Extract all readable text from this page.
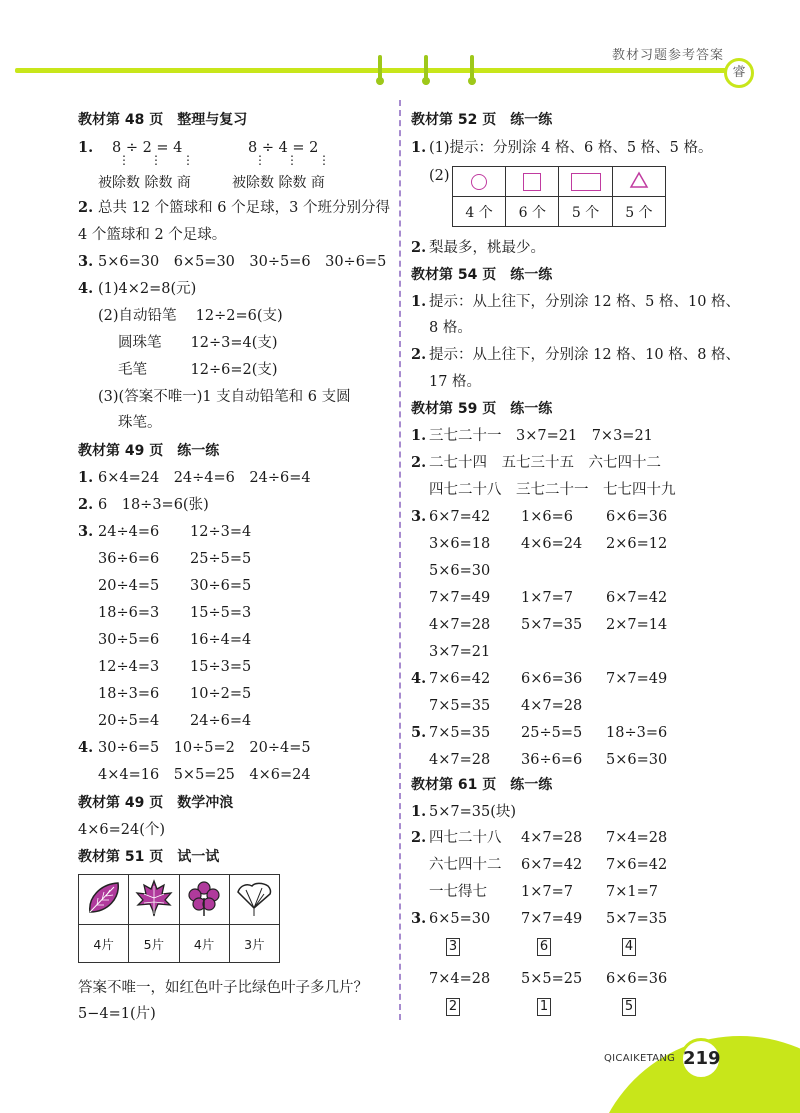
教材习题参考答案
睿
教材第 48 页　整理与复习
1. 8 ÷ 2 = 4	8 ÷ 4 = 2
⋮ ⋮ ⋮	⋮ ⋮ ⋮
被除数 除数 商	被除数 除数 商
2. 总共 12 个篮球和 6 个足球，3 个班分别分得
4 个篮球和 2 个足球。
3. 5×6=30　6×5=30　30÷5=6　30÷6=5
4. (1)4×2=8(元)
(2)自动铅笔　 12÷2=6(支)
圆珠笔　　12÷3=4(支)
毛笔　　　12÷6=2(支)
(3)(答案不唯一)1 支自动铅笔和 6 支圆
珠笔。
教材第 49 页　练一练
1. 6×4=24　24÷4=6　24÷6=4
2. 6　18÷3=6(张)
3. 24÷4=6 12÷3=4
36÷6=6 25÷5=5
20÷4=5 30÷6=5
18÷6=3 15÷5=3
30÷5=6 16÷4=4
12÷4=3 15÷3=5
18÷3=6 10÷2=5
20÷5=4 24÷6=4
4. 30÷6=5　10÷5=2　20÷4=5
4×4=16　5×5=25　4×6=24
教材第 49 页　数学冲浪
4×6=24(个)
教材第 51 页　试一试

4片	5片	4片	3片
答案不唯一，如红色叶子比绿色叶子多几片？
5−4=1(片)
教材第 52 页　练一练
1. (1)提示：分别涂 4 格、6 格、5 格、5 格。
(2)

4 个	6 个	5 个	5 个
2. 梨最多，桃最少。
教材第 54 页　练一练
1. 提示：从上往下，分别涂 12 格、5 格、10 格、
8 格。
2. 提示：从上往下，分别涂 12 格、10 格、8 格、
17 格。
教材第 59 页　练一练
1. 三七二十一　3×7=21　7×3=21
2. 二七十四　五七三十五　六七四十二
四七二十八　三七二十一　七七四十九
3. 6×7=42 1×6=6 6×6=36
3×6=18 4×6=24 2×6=12
5×6=30
7×7=49 1×7=7 6×7=42
4×7=28 5×7=35 2×7=14
3×7=21
4. 7×6=42 6×6=36 7×7=49
7×5=35 4×7=28
5. 7×5=35 25÷5=5 18÷3=6
4×7=28 36÷6=6 5×6=30
教材第 61 页　练一练
1. 5×7=35(块)
2. 四七二十八 4×7=28 7×4=28
六七四十二 6×7=42 7×6=42
一七得七 1×7=7 7×1=7
3. 6×5=30 7×7=49 5×7=35
3	6	4
7×4=28 5×5=25 6×6=36
2	1	5
QICAIKETANG 219
